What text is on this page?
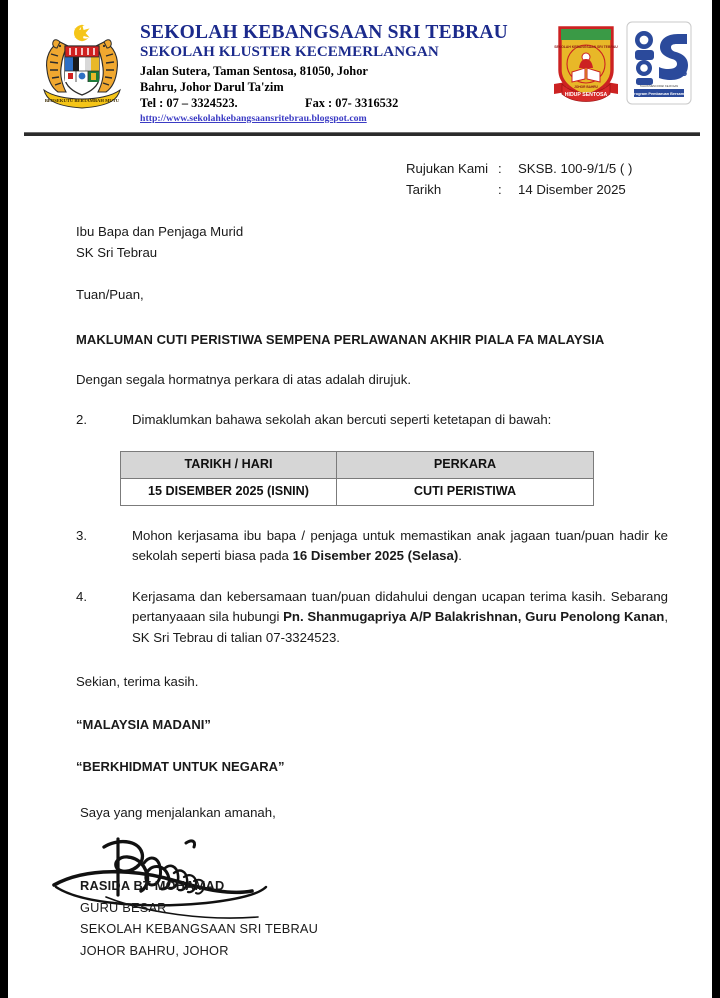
BERSEKUTU BERTAMBAH MUTU
SEKOLAH KEBANGSAAN SRI TEBRAU
SEKOLAH KLUSTER KECEMERLANGAN
Jalan Sutera, Taman Sentosa, 81050, Johor
Bahru, Johor Darul Ta'zim
Tel : 07 – 3324523.	Fax : 07- 3316532
http://www.sekolahkebangsaansritebrau.blogspot.com
SEKOLAH KEBANGSAAN SRI TEBRAU
JOHOR BAHRU
HIDUP SENTOSA
25
TAHUN MENCORAK KEJAYAAN
Program Pembaruan Bersama
Rujukan Kami :	SKSB. 100-9/1/5 ( )
Tarikh	:	14 Disember 2025
Ibu Bapa dan Penjaga Murid
SK Sri Tebrau
Tuan/Puan,
MAKLUMAN CUTI PERISTIWA SEMPENA PERLAWANAN AKHIR PIALA FA MALAYSIA
Dengan segala hormatnya perkara di atas adalah dirujuk.
2.	Dimaklumkan bahawa sekolah akan bercuti seperti ketetapan di bawah:
TARIKH / HARI	PERKARA
15 DISEMBER 2025 (ISNIN)	CUTI PERISTIWA
3.	Mohon kerjasama ibu bapa / penjaga untuk memastikan anak jagaan tuan/puan hadir ke sekolah seperti biasa pada 16 Disember 2025 (Selasa).
4.	Kerjasama dan kebersamaan tuan/puan didahului dengan ucapan terima kasih. Sebarang pertanyaaan sila hubungi Pn. Shanmugapriya A/P Balakrishnan, Guru Penolong Kanan, SK Sri Tebrau di talian 07-3324523.
Sekian, terima kasih.
“MALAYSIA MADANI”
“BERKHIDMAT UNTUK NEGARA”
Saya yang menjalankan amanah,
RASIDA BT MOHAMAD
GURU BESAR
SEKOLAH KEBANGSAAN SRI TEBRAU
JOHOR BAHRU, JOHOR
